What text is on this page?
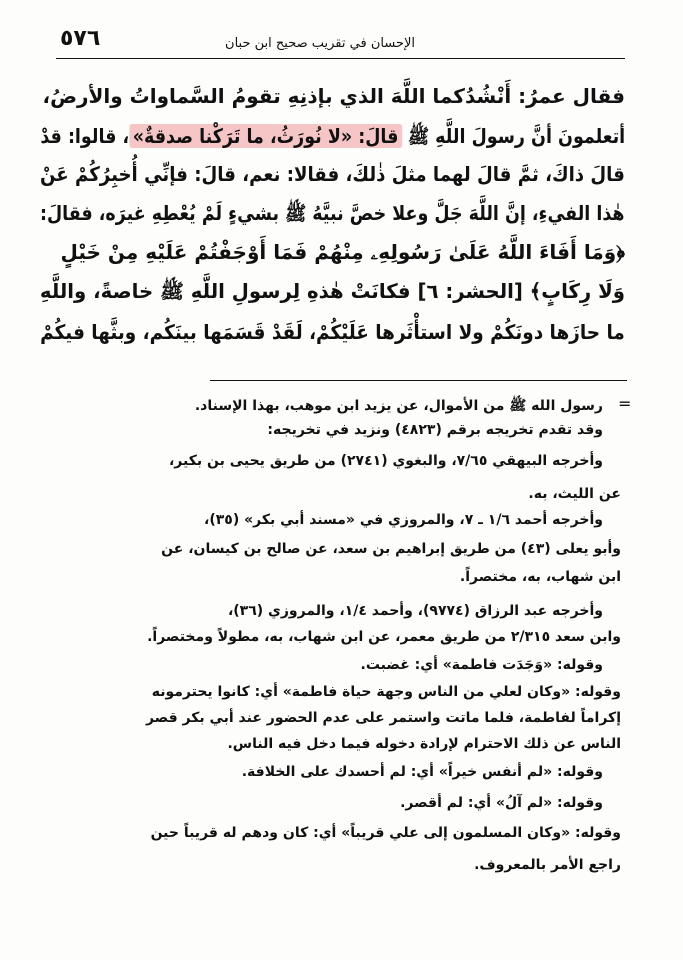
٥٧٦	الإحسان في تقريب صحيح ابن حبان
فقال عمرُ: أَنْشُدُكما اللَّهَ الذي بإذنِهِ تقومُ السَّماواتُ والأرضُ،
أتعلمونَ أنَّ رسولَ اللَّهِ ﷺ قالَ: «لا نُورَثُ، ما تَرَكْنا صدقةٌ»، قالوا: قدْ
قالَ ذاكَ، ثمَّ قالَ لهما مثلَ ذٰلكَ، فقالا: نعم، قالَ: فإنِّي أُخبِرُكُمْ عَنْ
هٰذا الفيءِ، إنَّ اللَّهَ جَلَّ وعلا خصَّ نبيَّهُ ﷺ بشيءٍ لَمْ يُعْطِهِ غيرَه، فقالَ:
﴿وَمَا أَفَاءَ اللَّهُ عَلَىٰ رَسُولِهِۦ مِنْهُمْ فَمَا أَوْجَفْتُمْ عَلَيْهِ مِنْ خَيْلٍ
وَلَا رِكَابٍ﴾ [الحشر: ٦] فكانَتْ هٰذهِ لِرسولِ اللَّهِ ﷺ خاصةً، واللَّهِ
ما حازَها دونَكُمْ ولا استأْثَرها عَلَيْكُمْ، لَقَدْ قَسَمَها بينَكُم، وبثَّها فيكُمْ
=
رسول الله ﷺ من الأموال، عن يزيد ابن موهب، بهذا الإسناد.
وقد تقدم تخريجه برقم (٤٨٢٣) ونزيد في تخريجه:
وأخرجه البيهقي ٧/٦٥، والبغوي (٢٧٤١) من طريق يحيى بن بكير،
عن الليث، به.
وأخرجه أحمد ١/٦ ـ ٧، والمروزي في «مسند أبي بكر» (٣٥)،
وأبو يعلى (٤٣) من طريق إبراهيم بن سعد، عن صالح بن كيسان، عن
ابن شهاب، به، مختصراً.
وأخرجه عبد الرزاق (٩٧٧٤)، وأحمد ١/٤، والمروزي (٣٦)،
وابن سعد ٢/٣١٥ من طريق معمر، عن ابن شهاب، به، مطولاً ومختصراً.
وقوله: «وَجَدَت فاطمة» أي: غضبت.
وقوله: «وكان لعلي من الناس وجهة حياة فاطمة» أي: كانوا يحترمونه
إكراماً لفاطمة، فلما ماتت واستمر على عدم الحضور عند أبي بكر قصر
الناس عن ذلك الاحترام لإرادة دخوله فيما دخل فيه الناس.
وقوله: «لم أنفس خيراً» أي: لم أحسدك على الخلافة.
وقوله: «لم آلُ» أي: لم أقصر.
وقوله: «وكان المسلمون إلى علي قريباً» أي: كان ودهم له قريباً حين
راجع الأمر بالمعروف.
